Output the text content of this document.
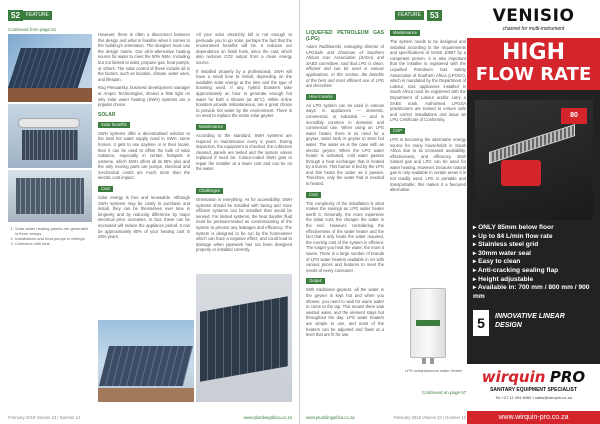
52	FEATURE
Continued from page 51
1. Solar water heating panels are generated in three setups.
2. Installations and heat pumps in ceilings.
3. Collectors with tank.

However, there is often a disconnect between this design and what is feasible when it comes to the building's orientation. The designer must use the design matrix. Our all-in-alternative heating source for water to meet the 50% NMA. Including but not limited to solar, propane gas, heat pumps, or others. The solar control of these include all in the factors, such as location, climate, water uses, and lifespan.

Rog Pienaarsky, business development manager at Ampro Technologies, shared a little light on why solar water heating (SWH) systems are a popular choice.

SOLAR
Solar benefits

SWH systems offer a decentralised solution to the total hot water supply need in SWH, some homes. It gets to use daytime or in their locale, then it can be used to offset the bulk of solar radiation, especially in certain hotspots is extreme, which SWH offers all its 80% plus and the only moving parts are pumps, electrical and mechanical cost/s are much more than the electric cost impact.

Cost

Solar energy is free and renewable. Although SWH systems may be costly to purchase and install, they can be themselves over time in longevity and by reducing difference by major electrical price increases. In fact, these can be increased will reduce the appliance period. It can be approximately 80% of your heating cost in 25% years.

All your solar electricity bill is not enough to persuade you to go solar, perhaps the fact that the environment benefits will be. It reduces our dependence on fossil fuels, since the cost, which also reduces CO2 output from a clean energy source.

If installed properly by a professional, SWH will have a small time to install, depending on the available solar energy at the time and the type of boosting used. If any, hybrid boosters take approximately an hour to generate enough hot water for both a shower (at 45°C). While in-line boosters provide instantaneous, are a great choice to provide hot water by the environment. There is no need to replace the entire solar geyser.

Maintenance

According to the standard, SWH systems are required to maintenance every 5 years. During inspection, the equipment is checked, the collectors cleaned, panels are tested and the system valves replaced if need be. Colour-coded SWH gets to repair the installer at a lower cost and can be on the water.

Challenges

Orientation is everything. As for accessibility, SWH systems should be installed with facing and more efficient systems can be installed than would be sensed. For limited systems, the heat transfer fluid must be pressure-tested as commissioning of the system to prevent any leakages and efficiency. The system is designed to be run by the homeowner which can have a negative effect, and could lead to damage when pipework has not been designed properly or installed correctly.

February 2018 Volume 23 | Number 12	www.plumbingafrica.co.za
FEATURE	53
LIQUEFIED PETROLEUM GAS (LPG)

Adam Rabbitanski, managing director of LPGSafe and chairman of Southern African Gas Association (SAGA) and SABS committee, said that LPG is clean, efficient and can be used in various applications. In this section, the benefits of the best and most efficient use of LPG are described.

How it works

An LPG system can be used in various ways: in appliances — domestic, commercial, or industrial — and is incredibly common in domestic and commercial use. When using an LPG water heater, there is no need for a geyser, water tank or geyser to store hot water. The water as is the case with an electric geyser. When the LPG water heater is activated, cold water passes through a heat exchanger that is heated by a burner. This burner is fed by the LPG and this heats the water as it passes. Therefore, only the water that is needed is heated.

Cost

The complexity of the installation is what makes the savings an LPG water heater worth it. Generally, the more expensive the initial cost, the cheaper the water in the end. However, considering the effectiveness of the water heater and the fact that it only heats the water required, the running cost of the system is efficient. The longer you heat the water, the more it saves. There is a large number of brands of LPG water heaters available in SA with various prices and features to meet the needs of every consumer.

Output

With traditional geysers, all the water in the geyser is kept hot and when you shower, you need to wait for warm water to come to the tap. This means there was wasted water, and the element stays hot throughout the day. LPG water heaters are simple to use, and most of the heaters can be adjusted and flows at a level that are fit for use.

Maintenance

The system needs to be designed and installed according to the requirements and specifications of SANS 10087 by a competent person. It is also important that the installer is registered with the Liquefied Petroleum Gas Safety Association of Southern Africa (LPGSA), which is mandated by the Department of Labour. Gas appliances installed in South Africa must be registered with the Department of Labour and/or carry a SABS mark. Authorised LPGSA practitioners are trained to ensure safe and correct installations and issue an LPG Certificate of Conformity.

COP

LPG is becoming the alternative energy source for many households in South Africa due to its increased availability, effectiveness, and efficiency. Both natural gas and LPG can be used for water heating. However, because natural gas is only available in certain areas it is not readily used. LPG is portable and transportable; this makes it a favoured alternative.

LPG instantaneous water heater.
Continued on page 57
www.plumbingafrica.co.za	February 2018 Volume 23 | Number 12
VENISIO
channel for multi-instrument
HIGH
FLOW RATE
80
▸ ONLY 85mm below floor
▸ Up to 84 L/min flow rate
▸ Stainless steel grid
▸ 30mm water seal
▸ Easy to clean
▸ Anti-cracking sealing flap
▸ Height adjustable
▸ Available in: 700 mm / 800 mm / 900 mm
5	INNOVATIVE LINEAR DESIGN
wirquin PRO
SANITARY EQUIPMENT SPECIALIST
Tel +27 11 394 6060 • sales@wirquin.co.za
www.wirquin-pro.co.za
